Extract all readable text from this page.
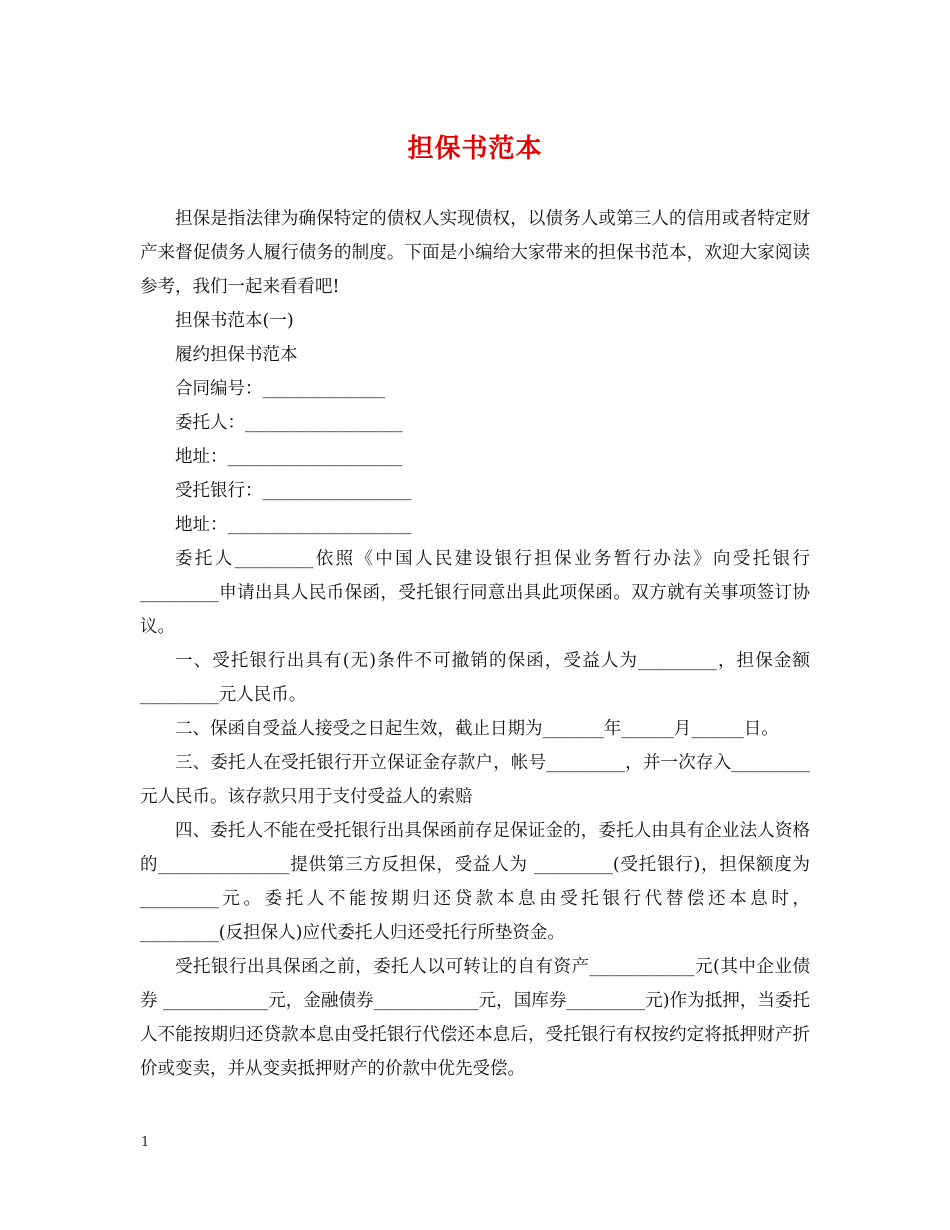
担保书范本

担保是指法律为确保特定的债权人实现债权，以债务人或第三人的信用或者特定财产来督促债务人履行债务的制度。下面是小编给大家带来的担保书范本，欢迎大家阅读参考，我们一起来看看吧!

担保书范本(一)

履约担保书范本

合同编号：______________

委托人：__________________

地址：____________________

受托银行：_________________

地址：_____________________

委托人_________依照《中国人民建设银行担保业务暂行办法》向受托银行_________申请出具人民币保函，受托银行同意出具此项保函。双方就有关事项签订协议。

一、受托银行出具有(无)条件不可撤销的保函，受益人为_________，担保金额_________元人民币。

二、保函自受益人接受之日起生效，截止日期为_______年______月______日。

三、委托人在受托银行开立保证金存款户，帐号_________，并一次存入_________元人民币。该存款只用于支付受益人的索赔

四、委托人不能在受托银行出具保函前存足保证金的，委托人由具有企业法人资格的_______________提供第三方反担保，受益人为 _________(受托银行)，担保额度为_________元。委托人不能按期归还贷款本息由受托银行代替偿还本息时，_________(反担保人)应代委托人归还受托行所垫资金。

受托银行出具保函之前，委托人以可转让的自有资产____________元(其中企业债券 ____________元，金融债券____________元，国库券_________元)作为抵押，当委托人不能按期归还贷款本息由受托银行代偿还本息后，受托银行有权按约定将抵押财产折价或变卖，并从变卖抵押财产的价款中优先受偿。

1
